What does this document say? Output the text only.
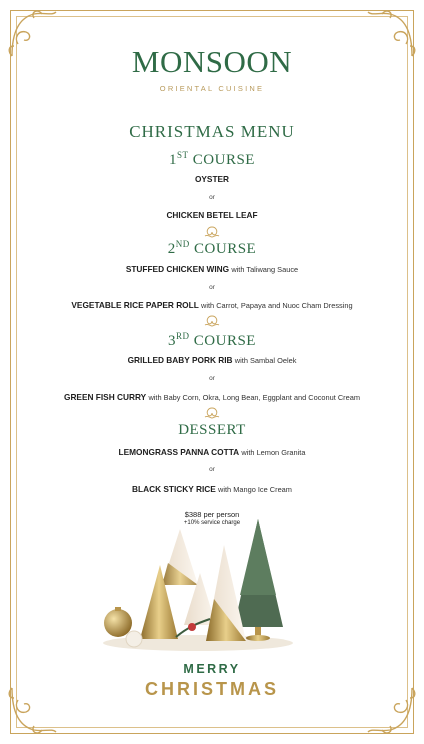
MONSOON
ORIENTAL CUISINE
CHRISTMAS MENU
1ST COURSE
OYSTER
or
CHICKEN BETEL LEAF
2ND COURSE
STUFFED CHICKEN WING with Taliwang Sauce
or
VEGETABLE RICE PAPER ROLL with Carrot, Papaya and Nuoc Cham Dressing
3RD COURSE
GRILLED BABY PORK RIB with Sambal Oelek
or
GREEN FISH CURRY with Baby Corn, Okra, Long Bean, Eggplant and Coconut Cream
DESSERT
LEMONGRASS PANNA COTTA with Lemon Granita
or
BLACK STICKY RICE with Mango Ice Cream
$388 per person
+10% service charge
MERRY
CHRISTMAS
